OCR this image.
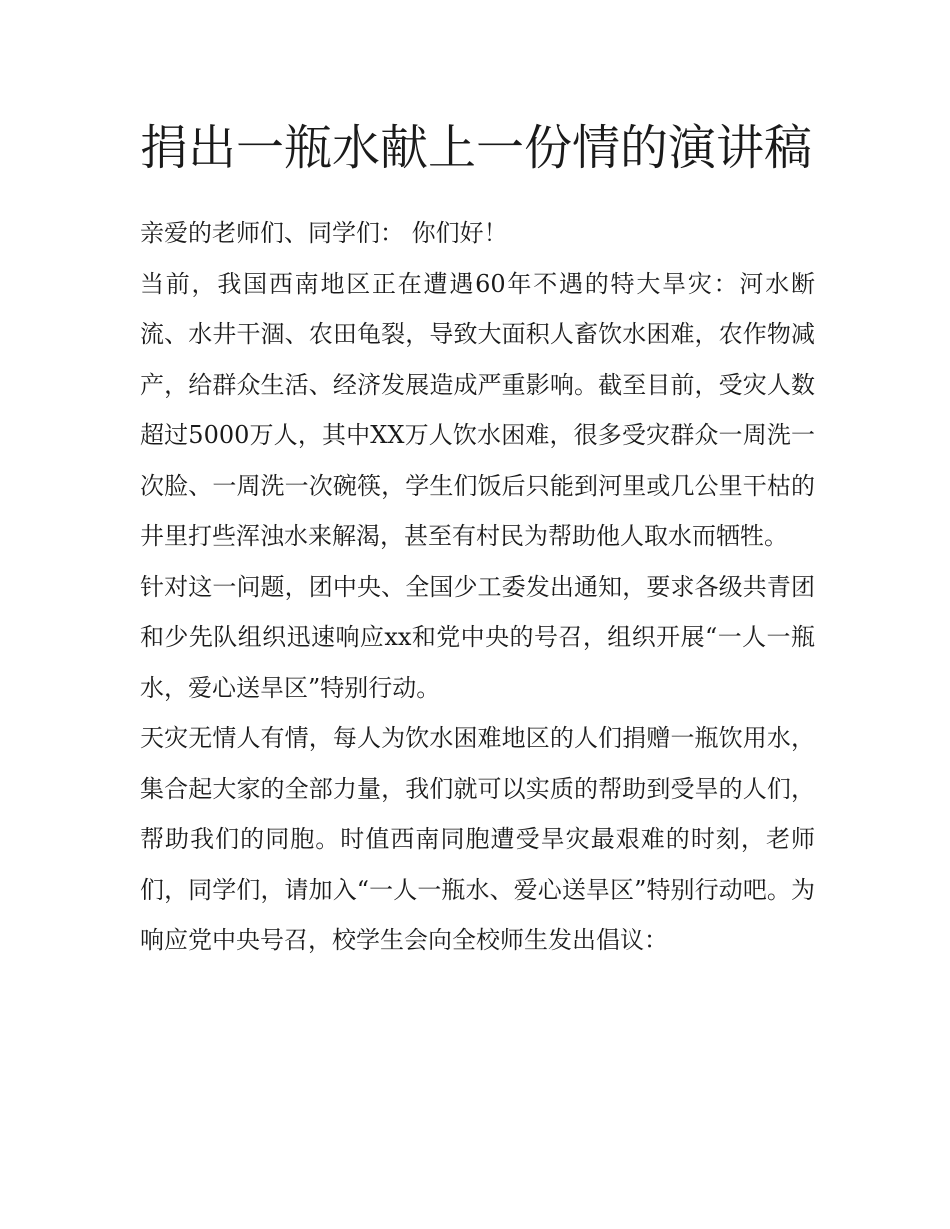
捐出一瓶水献上一份情的演讲稿

亲爱的老师们、同学们： 你们好！

当前，我国西南地区正在遭遇60年不遇的特大旱灾：河水断流、水井干涸、农田龟裂，导致大面积人畜饮水困难，农作物减产，给群众生活、经济发展造成严重影响。截至目前，受灾人数超过5000万人，其中XX万人饮水困难，很多受灾群众一周洗一次脸、一周洗一次碗筷，学生们饭后只能到河里或几公里干枯的井里打些浑浊水来解渴，甚至有村民为帮助他人取水而牺牲。

针对这一问题，团中央、全国少工委发出通知，要求各级共青团和少先队组织迅速响应xx和党中央的号召，组织开展“一人一瓶水，爱心送旱区”特别行动。

天灾无情人有情，每人为饮水困难地区的人们捐赠一瓶饮用水，集合起大家的全部力量，我们就可以实质的帮助到受旱的人们，帮助我们的同胞。时值西南同胞遭受旱灾最艰难的时刻，老师们，同学们，请加入“一人一瓶水、爱心送旱区”特别行动吧。为响应党中央号召，校学生会向全校师生发出倡议：
